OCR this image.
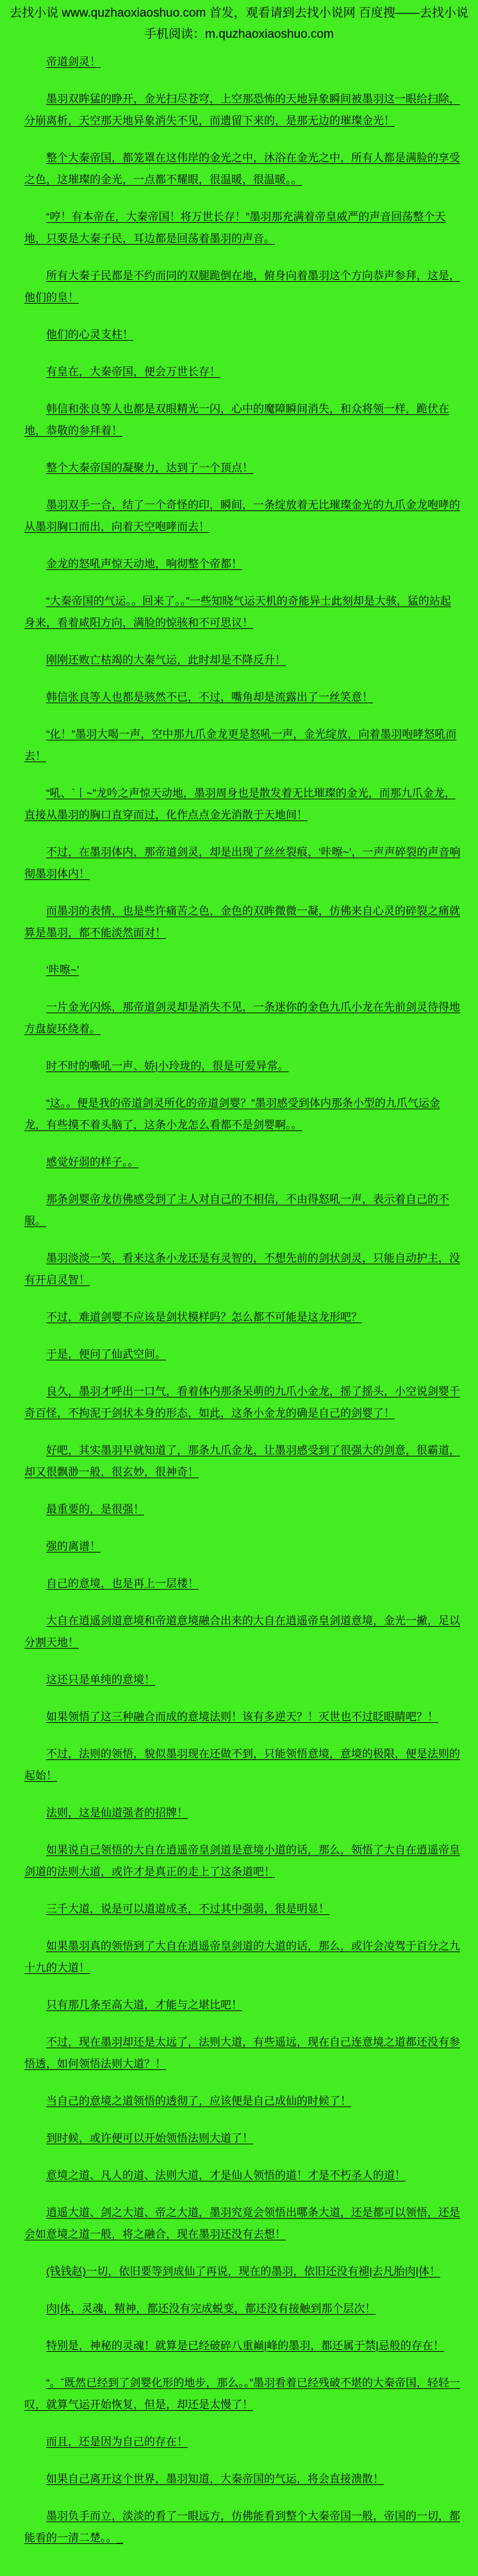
去找小说 www.quzhaoxiaoshuo.com 首发，观看请到去找小说网 百度搜——去找小说
手机阅读：m.quzhaoxiaoshuo.com

帝道剑灵！

墨羽双眸猛的睁开，金光扫尽苍穹，上空那恐怖的天地异象瞬间被墨羽这一眼给扫除，分崩离析，天空那天地异象消失不见，而遗留下来的，是那无边的璀璨金光！

整个大秦帝国，都笼罩在这伟岸的金光之中，沐浴在金光之中，所有人都是满脸的享受之色，这璀璨的金光，一点都不耀眼，很温暖，很温暖。。

“哼！有本帝在，大秦帝国！将万世长存！”墨羽那充满着帝皇威严的声音回荡整个天地，只要是大秦子民，耳边都是回荡着墨羽的声音。

所有大秦子民都是不约而同的双腿跪倒在地，俯身向着墨羽这个方向恭声参拜，这是，他们的皇！

他们的心灵支柱！

有皇在，大秦帝国，便会万世长存！

韩信和张良等人也都是双眼精光一闪，心中的魔障瞬间消失，和众将领一样，跪伏在地，恭敬的参拜着！

整个大秦帝国的凝聚力，达到了一个顶点！

墨羽双手一合，结了一个奇怪的印，瞬间，一条绽放着无比璀璨金光的九爪金龙咆哮的从墨羽胸口而出，向着天空咆哮而去！

金龙的怒吼声惊天动地，响彻整个帝都！

“大秦帝国的气运。。回来了。。”一些知晓气运天机的奇能异士此刻却是大骇，猛的站起身来，看着咸阳方向，满脸的惊骇和不可思议！

刚刚还败亡枯竭的大秦气运，此时却是不降反升！

韩信张良等人也都是骇然不已，不过，嘴角却是流露出了一丝笑意！

“化！”墨羽大喝一声，空中那九爪金龙更是怒吼一声，金光绽放，向着墨羽咆哮怒吼而去！

“吼、`丨~”龙吟之声惊天动地，墨羽周身也是散发着无比璀璨的金光，而那九爪金龙，直接从墨羽的胸口直穿而过，化作点点金光消散于天地间！

不过，在墨羽体内，那帝道剑灵，却是出现了丝丝裂痕，‘咔嚓~’，一声声碎裂的声音响彻墨羽体内！

而墨羽的表情，也是些许痛苦之色，金色的双眸微微一凝，仿佛来自心灵的碎裂之痛就算是墨羽，都不能淡然面对！

‘咔嚓~’

一片金光闪烁，那帝道剑灵却是消失不见，一条迷你的金色九爪小龙在先前剑灵待得地方盘旋环绕着。

时不时的嘶吼一声、娇|小玲珑的，很是可爱异常。

“这。。便是我的帝道剑灵所化的帝道剑婴？”墨羽感受到体内那条小型的九爪气运金龙，有些摸不着头脑了，这条小龙怎么看都不是剑婴啊。。

感觉好弱的样子。。

那条剑婴帝龙仿佛感受到了主人对自己的不相信，不由得怒吼一声，表示着自己的不服。

墨羽淡淡一笑，看来这条小龙还是有灵智的，不想先前的剑状剑灵，只能自动护主，没有开启灵智！

不过，难道剑婴不应该是剑状模样吗？怎么都不可能是这龙形吧？

于是，便问了仙武空间。

良久，墨羽才呼出一口气，看着体内那条呆萌的九爪小金龙，摇了摇头，小空说剑婴千奇百怪，不拘泥于剑状本身的形态，如此，这条小金龙的确是自己的剑婴了！

好吧，其实墨羽早就知道了，那条九爪金龙，让墨羽感受到了很强大的剑意，很霸道，却又很飘渺一般，很玄妙，很神奇！

最重要的，是很强！

强的离谱！

自己的意境，也是再上一层楼！

大自在逍遥剑道意境和帝道意境融合出来的大自在逍遥帝皇剑道意境，金光一撇，足以分割天地！

这还只是单纯的意境！

如果领悟了这三种融合而成的意境法则！该有多逆天？！灭世也不过眨眼睛吧？！

不过，法则的领悟，貌似墨羽现在还做不到，只能领悟意境，意境的极限，便是法则的起始！

法则，这是仙道强者的招牌！

如果说自己领悟的大自在逍遥帝皇剑道是意境小道的话，那么，领悟了大自在逍遥帝皇剑道的法则大道，或许才是真正的走上了这条道吧！

三千大道，说是可以道道成圣，不过其中强弱，很是明显！

如果墨羽真的领悟到了大自在逍遥帝皇剑道的大道的话，那么，或许会凌驾于百分之九十九的大道！

只有那几条至高大道，才能与之堪比吧！

不过，现在墨羽却还是太远了，法则大道，有些遥远，现在自己连意境之道都还没有参悟透，如何领悟法则大道？！

当自己的意境之道领悟的透彻了，应该便是自己成仙的时候了！

到时候，或许便可以开始领悟法则大道了！

意境之道、凡人的道、法则大道，才是仙人领悟的道！才是不朽圣人的道！

逍遥大道、剑之大道、帝之大道，墨羽究竟会领悟出哪条大道，还是都可以领悟，还是会如意境之道一般，将之融合，现在墨羽还没有去想！

(钱钱赵)一切，依旧要等到成仙了再说，现在的墨羽，依旧还没有褪|去凡胎肉|体！

肉|体，灵魂，精神，都还没有完成蜕变，都还没有接触到那个层次！

特别是，神秘的灵魂！就算是已经破碎八重巅|峰的墨羽，都还属于禁|忌般的存在！

“。ˇ既然已经到了剑婴化形的地步，那么。。”墨羽看着已经残破不堪的大秦帝国，轻轻一叹，就算气运开始恢复，但是，却还是太慢了！

而且，还是因为自己的存在！

如果自己离开这个世界，墨羽知道，大秦帝国的气运，将会直接溃散！

墨羽负手而立，淡淡的看了一眼远方，仿佛能看到整个大秦帝国一般，帝国的一切，都能看的一清二楚。。_
